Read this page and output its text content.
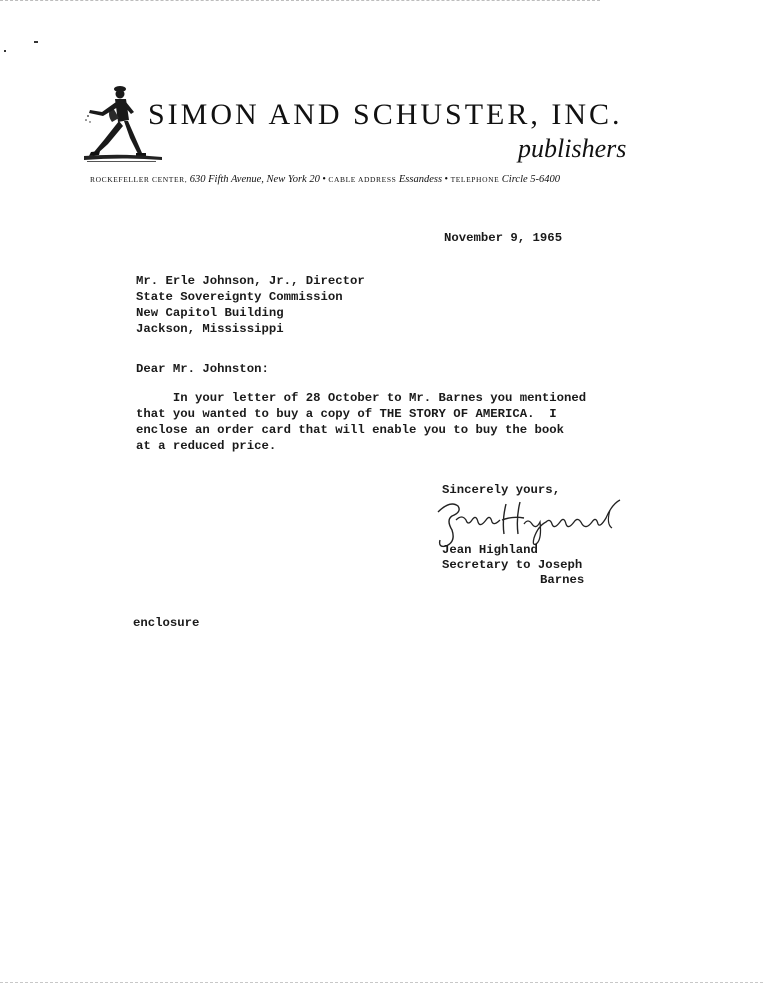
SIMON AND SCHUSTER, INC.
publishers
ROCKEFELLER CENTER, 630 Fifth Avenue, New York 20 • CABLE ADDRESS Essandess • TELEPHONE Circle 5-6400
November 9, 1965
Mr. Erle Johnson, Jr., Director
State Sovereignty Commission
New Capitol Building
Jackson, Mississippi
Dear Mr. Johnston:
In your letter of 28 October to Mr. Barnes you mentioned
that you wanted to buy a copy of THE STORY OF AMERICA.  I
enclose an order card that will enable you to buy the book
at a reduced price.
Sincerely yours,
Jean Highland
Secretary to Joseph
Barnes
enclosure
